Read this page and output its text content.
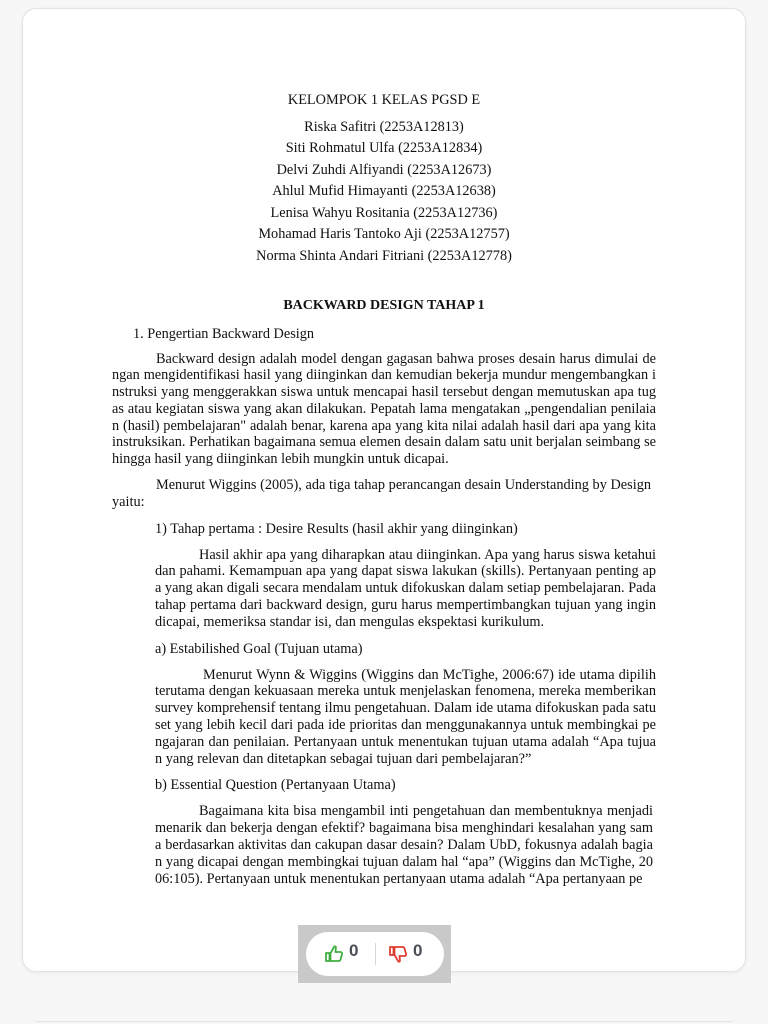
KELOMPOK 1 KELAS PGSD E
Riska Safitri (2253A12813)
Siti Rohmatul Ulfa (2253A12834)
Delvi Zuhdi Alfiyandi (2253A12673)
Ahlul Mufid Himayanti (2253A12638)
Lenisa Wahyu Rositania (2253A12736)
Mohamad Haris Tantoko Aji (2253A12757)
Norma Shinta Andari Fitriani (2253A12778)
BACKWARD DESIGN TAHAP 1
1. Pengertian Backward Design

Backward design adalah model dengan gagasan bahwa proses desain harus dimulai dengan mengidentifikasi hasil yang diinginkan dan kemudian bekerja mundur mengembangkan instruksi yang menggerakkan siswa untuk mencapai hasil tersebut dengan memutuskan apa tugas atau kegiatan siswa yang akan dilakukan. Pepatah lama mengatakan „pengendalian penilaian (hasil) pembelajaran" adalah benar, karena apa yang kita nilai adalah hasil dari apa yang kita instruksikan. Perhatikan bagaimana semua elemen desain dalam satu unit berjalan seimbang sehingga hasil yang diinginkan lebih mungkin untuk dicapai.

Menurut Wiggins (2005), ada tiga tahap perancangan desain Understanding by Design yaitu:

1) Tahap pertama : Desire Results (hasil akhir yang diinginkan)

Hasil akhir apa yang diharapkan atau diinginkan. Apa yang harus siswa ketahui dan pahami. Kemampuan apa yang dapat siswa lakukan (skills). Pertanyaan penting apa yang akan digali secara mendalam untuk difokuskan dalam setiap pembelajaran. Pada tahap pertama dari backward design, guru harus mempertimbangkan tujuan yang ingin dicapai, memeriksa standar isi, dan mengulas ekspektasi kurikulum.

a) Estabilished Goal (Tujuan utama)

Menurut Wynn & Wiggins (Wiggins dan McTighe, 2006:67) ide utama dipilih terutama dengan kekuasaan mereka untuk menjelaskan fenomena, mereka memberikan survey komprehensif tentang ilmu pengetahuan. Dalam ide utama difokuskan pada satu set yang lebih kecil dari pada ide prioritas dan menggunakannya untuk membingkai pengajaran dan penilaian. Pertanyaan untuk menentukan tujuan utama adalah “Apa tujuan yang relevan dan ditetapkan sebagai tujuan dari pembelajaran?”

b) Essential Question (Pertanyaan Utama)

Bagaimana kita bisa mengambil inti pengetahuan dan membentuknya menjadi menarik dan bekerja dengan efektif? bagaimana bisa menghindari kesalahan yang sama berdasarkan aktivitas dan cakupan dasar desain? Dalam UbD, fokusnya adalah bagian yang dicapai dengan membingkai tujuan dalam hal “apa” (Wiggins dan McTighe, 2006:105). Pertanyaan untuk menentukan pertanyaan utama adalah “Apa pertanyaan pe

0	0
